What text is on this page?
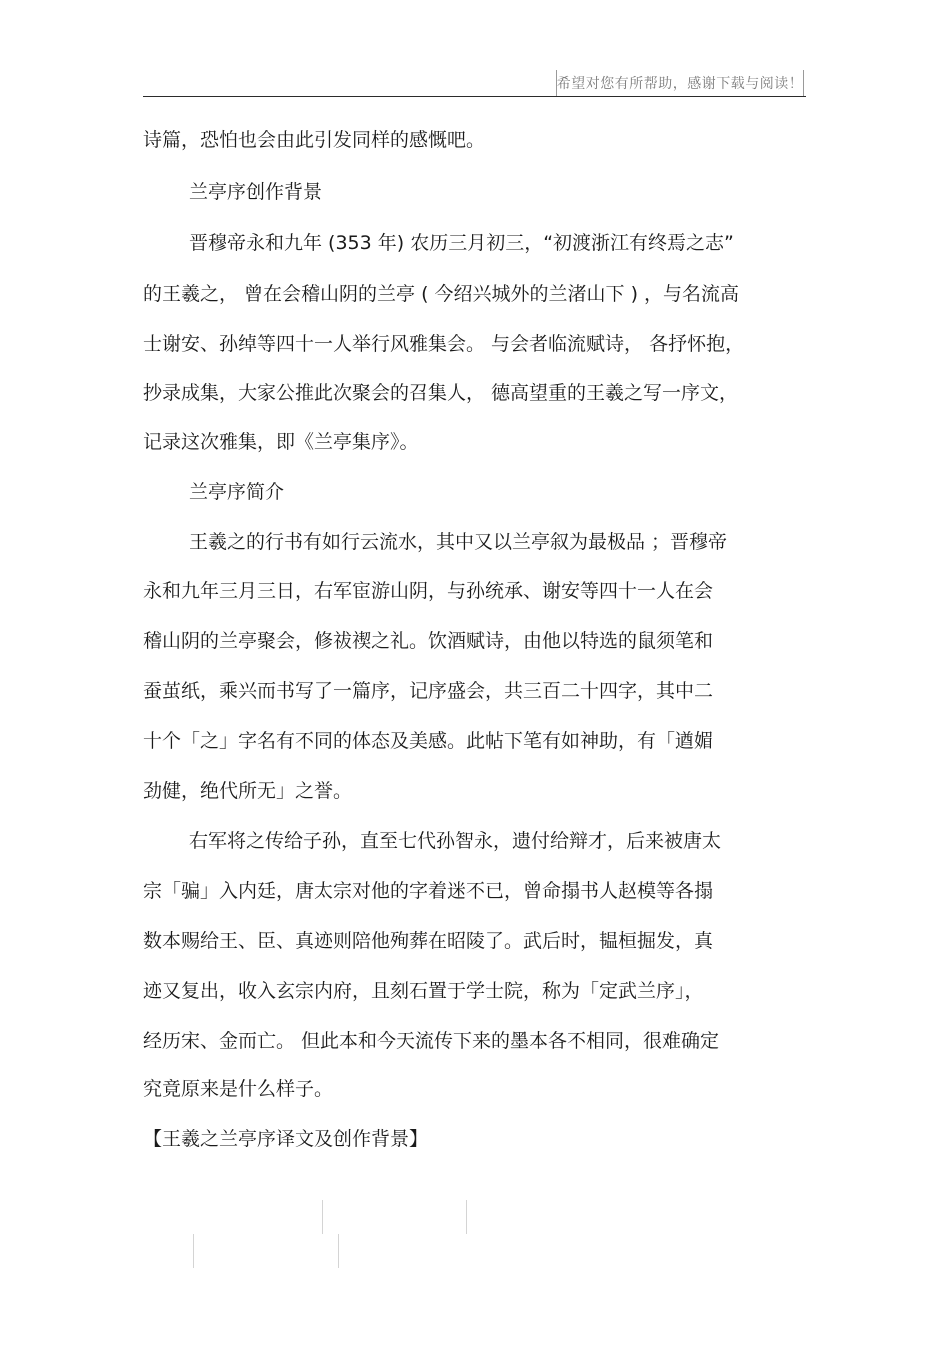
希望对您有所帮助，感谢下载与阅读！
诗篇，恐怕也会由此引发同样的感慨吧。
兰亭序创作背景
晋穆帝永和九年 (353 年) 农历三月初三，“初渡浙江有终焉之志”
的王羲之， 曾在会稽山阴的兰亭 ( 今绍兴城外的兰渚山下 ) ，与名流高
士谢安、孙绰等四十一人举行风雅集会。 与会者临流赋诗， 各抒怀抱，
抄录成集，大家公推此次聚会的召集人， 德高望重的王羲之写一序文，
记录这次雅集，即《兰亭集序》。
兰亭序简介
王羲之的行书有如行云流水，其中又以兰亭叙为最极品 ；晋穆帝
永和九年三月三日，右军宦游山阴，与孙统承、谢安等四十一人在会
稽山阴的兰亭聚会，修祓禊之礼。饮酒赋诗，由他以特选的鼠须笔和
蚕茧纸，乘兴而书写了一篇序，记序盛会，共三百二十四字，其中二
十个「之」字名有不同的体态及美感。此帖下笔有如神助，有「遒媚
劲健，绝代所无」之誉。
右军将之传给子孙，直至七代孙智永，遗付给辩才，后来被唐太
宗「骗」入内廷，唐太宗对他的字着迷不已，曾命搨书人赵模等各搨
数本赐给王、臣、真迹则陪他殉葬在昭陵了。武后时，韫桓掘发，真
迹又复出，收入玄宗内府，且刻石置于学士院，称为「定武兰序」，
经历宋、金而亡。 但此本和今天流传下来的墨本各不相同，很难确定
究竟原来是什么样子。
【王羲之兰亭序译文及创作背景】
